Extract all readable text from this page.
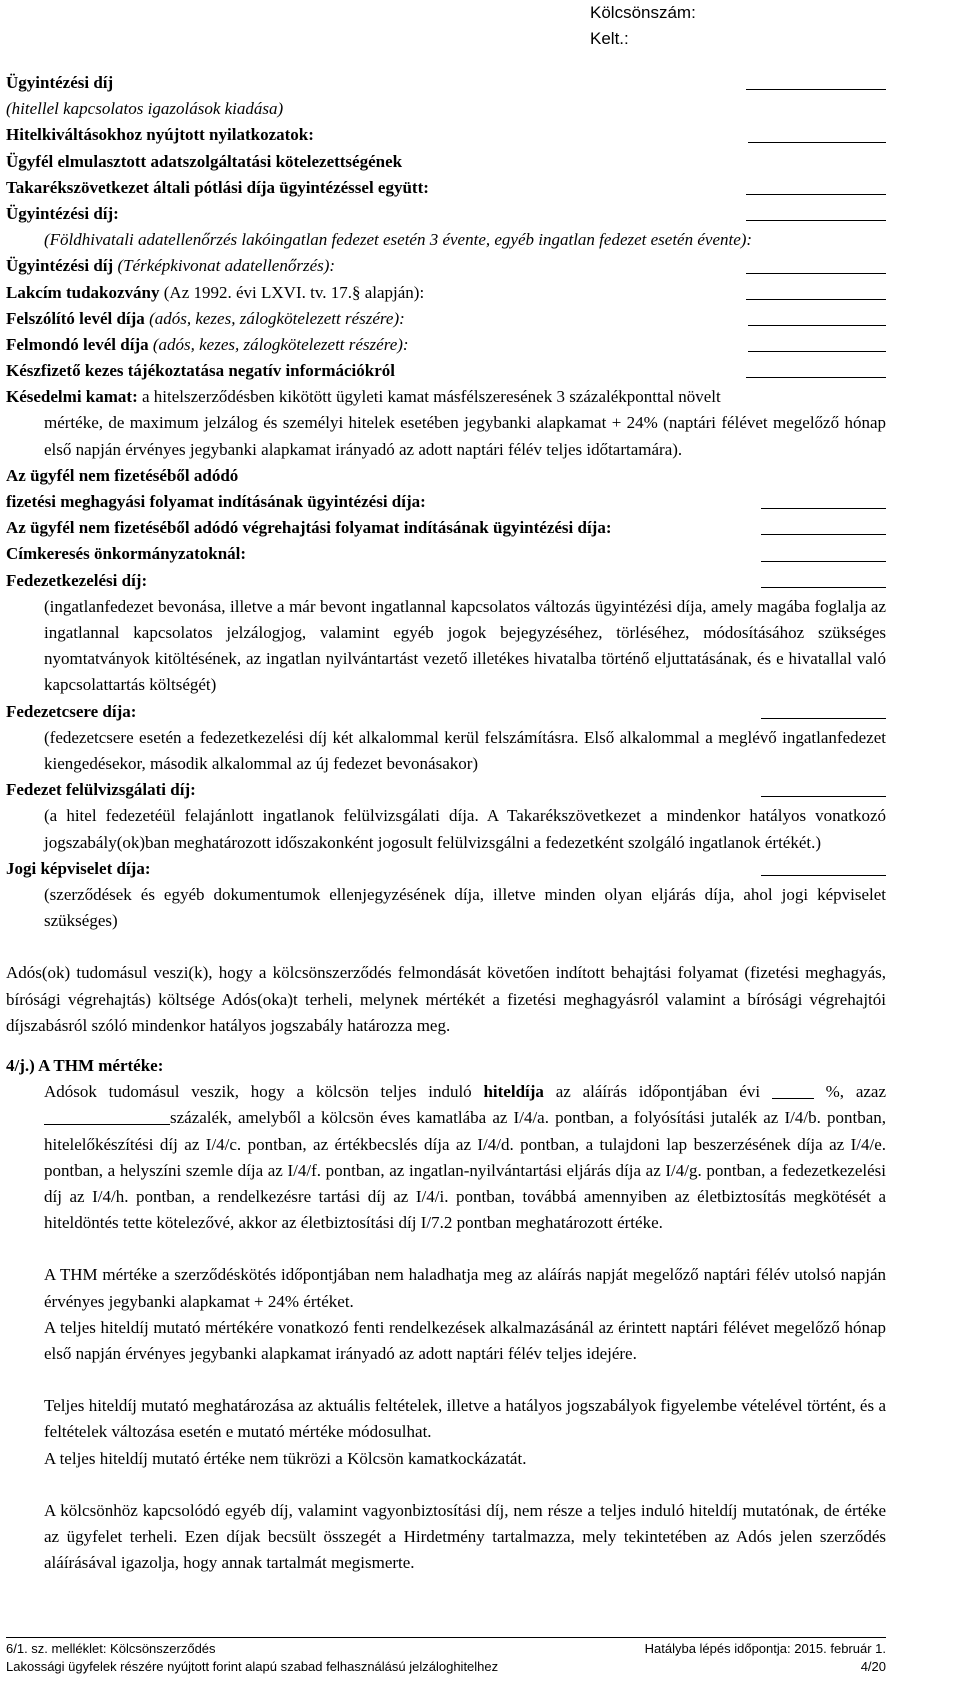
Kölcsönszám:
Kelt.:
Ügyintézési díj
(hitellel kapcsolatos igazolások kiadása)
Hitelkiváltásokhoz nyújtott nyilatkozatok:
Ügyfél elmulasztott adatszolgáltatási kötelezettségének
Takarékszövetkezet általi pótlási díja ügyintézéssel együtt:
Ügyintézési díj:
(Földhivatali adatellenőrzés lakóingatlan fedezet esetén 3 évente, egyéb ingatlan fedezet esetén évente):
Ügyintézési díj (Térképkivonat adatellenőrzés):
Lakcím tudakozvány (Az 1992. évi LXVI. tv. 17.§ alapján):
Felszólító levél díja (adós, kezes, zálogkötelezett részére):
Felmondó levél díja (adós, kezes, zálogkötelezett részére):
Készfizető kezes tájékoztatása negatív információkról

Késedelmi kamat: a hitelszerződésben kikötött ügyleti kamat másfélszeresének 3 százalékponttal növelt

mértéke, de maximum jelzálog és személyi hitelek esetében jegybanki alapkamat + 24% (naptári félévet megelőző hónap első napján érvényes jegybanki alapkamat irányadó az adott naptári félév teljes időtartamára).

Az ügyfél nem fizetéséből adódó
fizetési meghagyási folyamat indításának ügyintézési díja:
Az ügyfél nem fizetéséből adódó végrehajtási folyamat indításának ügyintézési díja:
Címkeresés önkormányzatoknál:
Fedezetkezelési díj:

(ingatlanfedezet bevonása, illetve a már bevont ingatlannal kapcsolatos változás ügyintézési díja, amely magába foglalja az ingatlannal kapcsolatos jelzálogjog, valamint egyéb jogok bejegyzéséhez, törléséhez, módosításához szükséges nyomtatványok kitöltésének, az ingatlan nyilvántartást vezető illetékes hivatalba történő eljuttatásának, és e hivatallal való kapcsolattartás költségét)

Fedezetcsere díja:

(fedezetcsere esetén a fedezetkezelési díj két alkalommal kerül felszámításra. Első alkalommal a meglévő ingatlanfedezet kiengedésekor, második alkalommal az új fedezet bevonásakor)

Fedezet felülvizsgálati díj:

(a hitel fedezetéül felajánlott ingatlanok felülvizsgálati díja. A Takarékszövetkezet a mindenkor hatályos vonatkozó jogszabály(ok)ban meghatározott időszakonként jogosult felülvizsgálni a fedezetként szolgáló ingatlanok értékét.)

Jogi képviselet díja:

(szerződések és egyéb dokumentumok ellenjegyzésének díja, illetve minden olyan eljárás díja, ahol jogi képviselet szükséges)

Adós(ok) tudomásul veszi(k), hogy a kölcsönszerződés felmondását követően indított behajtási folyamat (fizetési meghagyás, bírósági végrehajtás) költsége Adós(oka)t terheli, melynek mértékét a fizetési meghagyásról valamint a bírósági végrehajtói díjszabásról szóló mindenkor hatályos jogszabály határozza meg.

4/j.) A THM mértéke:

Adósok tudomásul veszik, hogy a kölcsön teljes induló hiteldíja az aláírás időpontjában évi  %, azaz százalék, amelyből a kölcsön éves kamatlába az I/4/a. pontban, a folyósítási jutalék az I/4/b. pontban, hitelelőkészítési díj az I/4/c. pontban, az értékbecslés díja az I/4/d. pontban, a tulajdoni lap beszerzésének díja az I/4/e. pontban, a helyszíni szemle díja az I/4/f. pontban, az ingatlan-nyilvántartási eljárás díja az I/4/g. pontban, a fedezetkezelési díj az I/4/h. pontban, a rendelkezésre tartási díj az I/4/i. pontban, továbbá amennyiben az életbiztosítás megkötését a hiteldöntés tette kötelezővé, akkor az életbiztosítási díj I/7.2 pontban meghatározott értéke.

A THM mértéke a szerződéskötés időpontjában nem haladhatja meg az aláírás napját megelőző naptári félév utolsó napján érvényes jegybanki alapkamat + 24% értéket.

A teljes hiteldíj mutató mértékére vonatkozó fenti rendelkezések alkalmazásánál az érintett naptári félévet megelőző hónap első napján érvényes jegybanki alapkamat irányadó az adott naptári félév teljes idejére.

Teljes hiteldíj mutató meghatározása az aktuális feltételek, illetve a hatályos jogszabályok figyelembe vételével történt, és a feltételek változása esetén e mutató mértéke módosulhat.

A teljes hiteldíj mutató értéke nem tükrözi a Kölcsön kamatkockázatát.

A kölcsönhöz kapcsolódó egyéb díj, valamint vagyonbiztosítási díj, nem része a teljes induló hiteldíj mutatónak, de értéke az ügyfelet terheli. Ezen díjak becsült összegét a Hirdetmény tartalmazza, mely tekintetében az Adós jelen szerződés aláírásával igazolja, hogy annak tartalmát megismerte.

6/1. sz. melléklet: Kölcsönszerződés	Hatályba lépés időpontja: 2015. február 1.
Lakossági ügyfelek részére nyújtott forint alapú szabad felhasználású jelzáloghitelhez	4/20
